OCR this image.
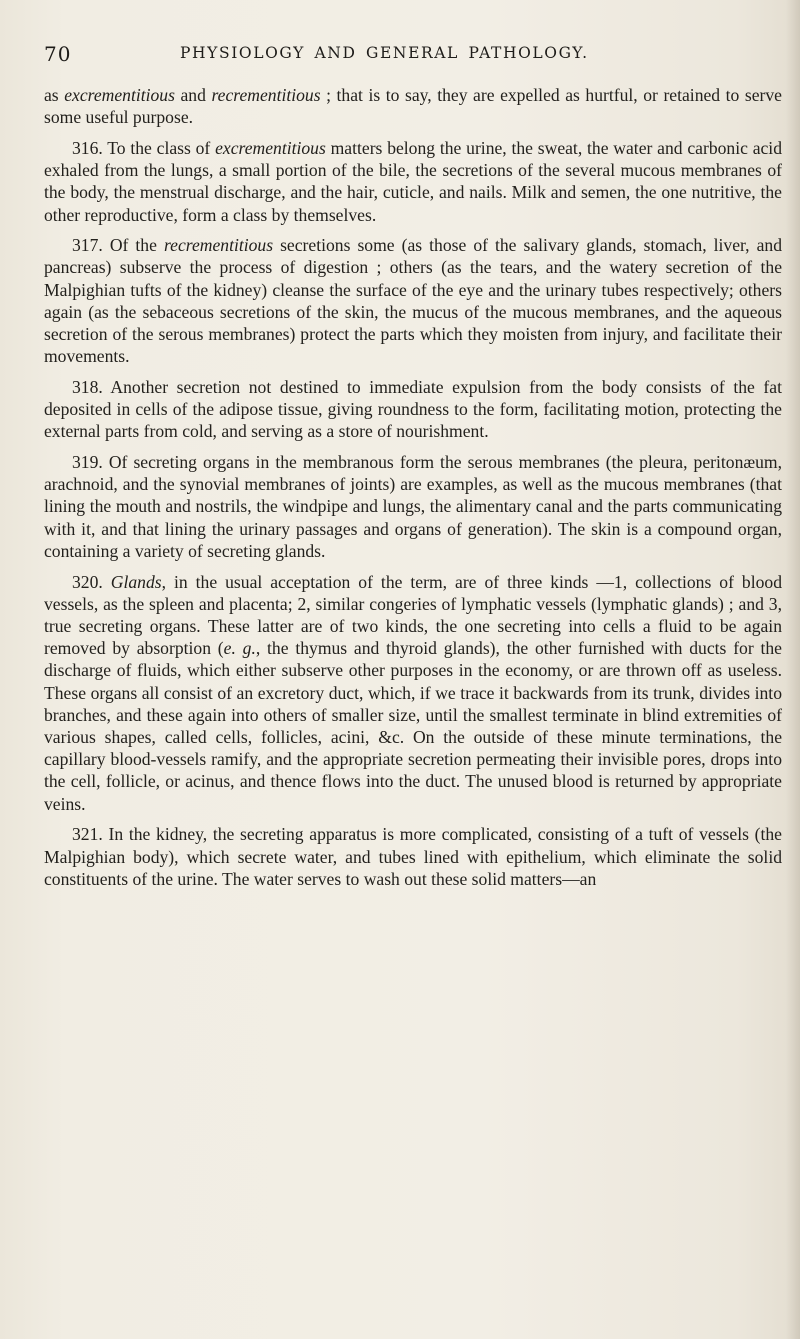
70	PHYSIOLOGY AND GENERAL PATHOLOGY.

as excrementitious and recrementitious ; that is to say, they are expelled as hurtful, or retained to serve some useful purpose.

316. To the class of excrementitious matters belong the urine, the sweat, the water and carbonic acid exhaled from the lungs, a small portion of the bile, the secretions of the several mucous membranes of the body, the menstrual discharge, and the hair, cuticle, and nails. Milk and semen, the one nutritive, the other reproductive, form a class by themselves.

317. Of the recrementitious secretions some (as those of the salivary glands, stomach, liver, and pancreas) subserve the process of digestion ; others (as the tears, and the watery secretion of the Malpighian tufts of the kidney) cleanse the surface of the eye and the urinary tubes respectively; others again (as the sebaceous secretions of the skin, the mucus of the mucous membranes, and the aqueous secretion of the serous membranes) protect the parts which they moisten from injury, and facilitate their movements.

318. Another secretion not destined to immediate expulsion from the body consists of the fat deposited in cells of the adipose tissue, giving roundness to the form, facilitating motion, protecting the external parts from cold, and serving as a store of nourishment.

319. Of secreting organs in the membranous form the serous membranes (the pleura, peritonæum, arachnoid, and the synovial membranes of joints) are examples, as well as the mucous membranes (that lining the mouth and nostrils, the windpipe and lungs, the alimentary canal and the parts communicating with it, and that lining the urinary passages and organs of generation). The skin is a compound organ, containing a variety of secreting glands.

320. Glands, in the usual acceptation of the term, are of three kinds —1, collections of blood vessels, as the spleen and placenta; 2, similar congeries of lymphatic vessels (lymphatic glands) ; and 3, true secreting organs. These latter are of two kinds, the one secreting into cells a fluid to be again removed by absorption (e. g., the thymus and thyroid glands), the other furnished with ducts for the discharge of fluids, which either subserve other purposes in the economy, or are thrown off as useless. These organs all consist of an excretory duct, which, if we trace it backwards from its trunk, divides into branches, and these again into others of smaller size, until the smallest terminate in blind extremities of various shapes, called cells, follicles, acini, &c. On the outside of these minute terminations, the capillary blood-vessels ramify, and the appropriate secretion permeating their invisible pores, drops into the cell, follicle, or acinus, and thence flows into the duct. The unused blood is returned by appropriate veins.

321. In the kidney, the secreting apparatus is more complicated, consisting of a tuft of vessels (the Malpighian body), which secrete water, and tubes lined with epithelium, which eliminate the solid constituents of the urine. The water serves to wash out these solid matters—an
